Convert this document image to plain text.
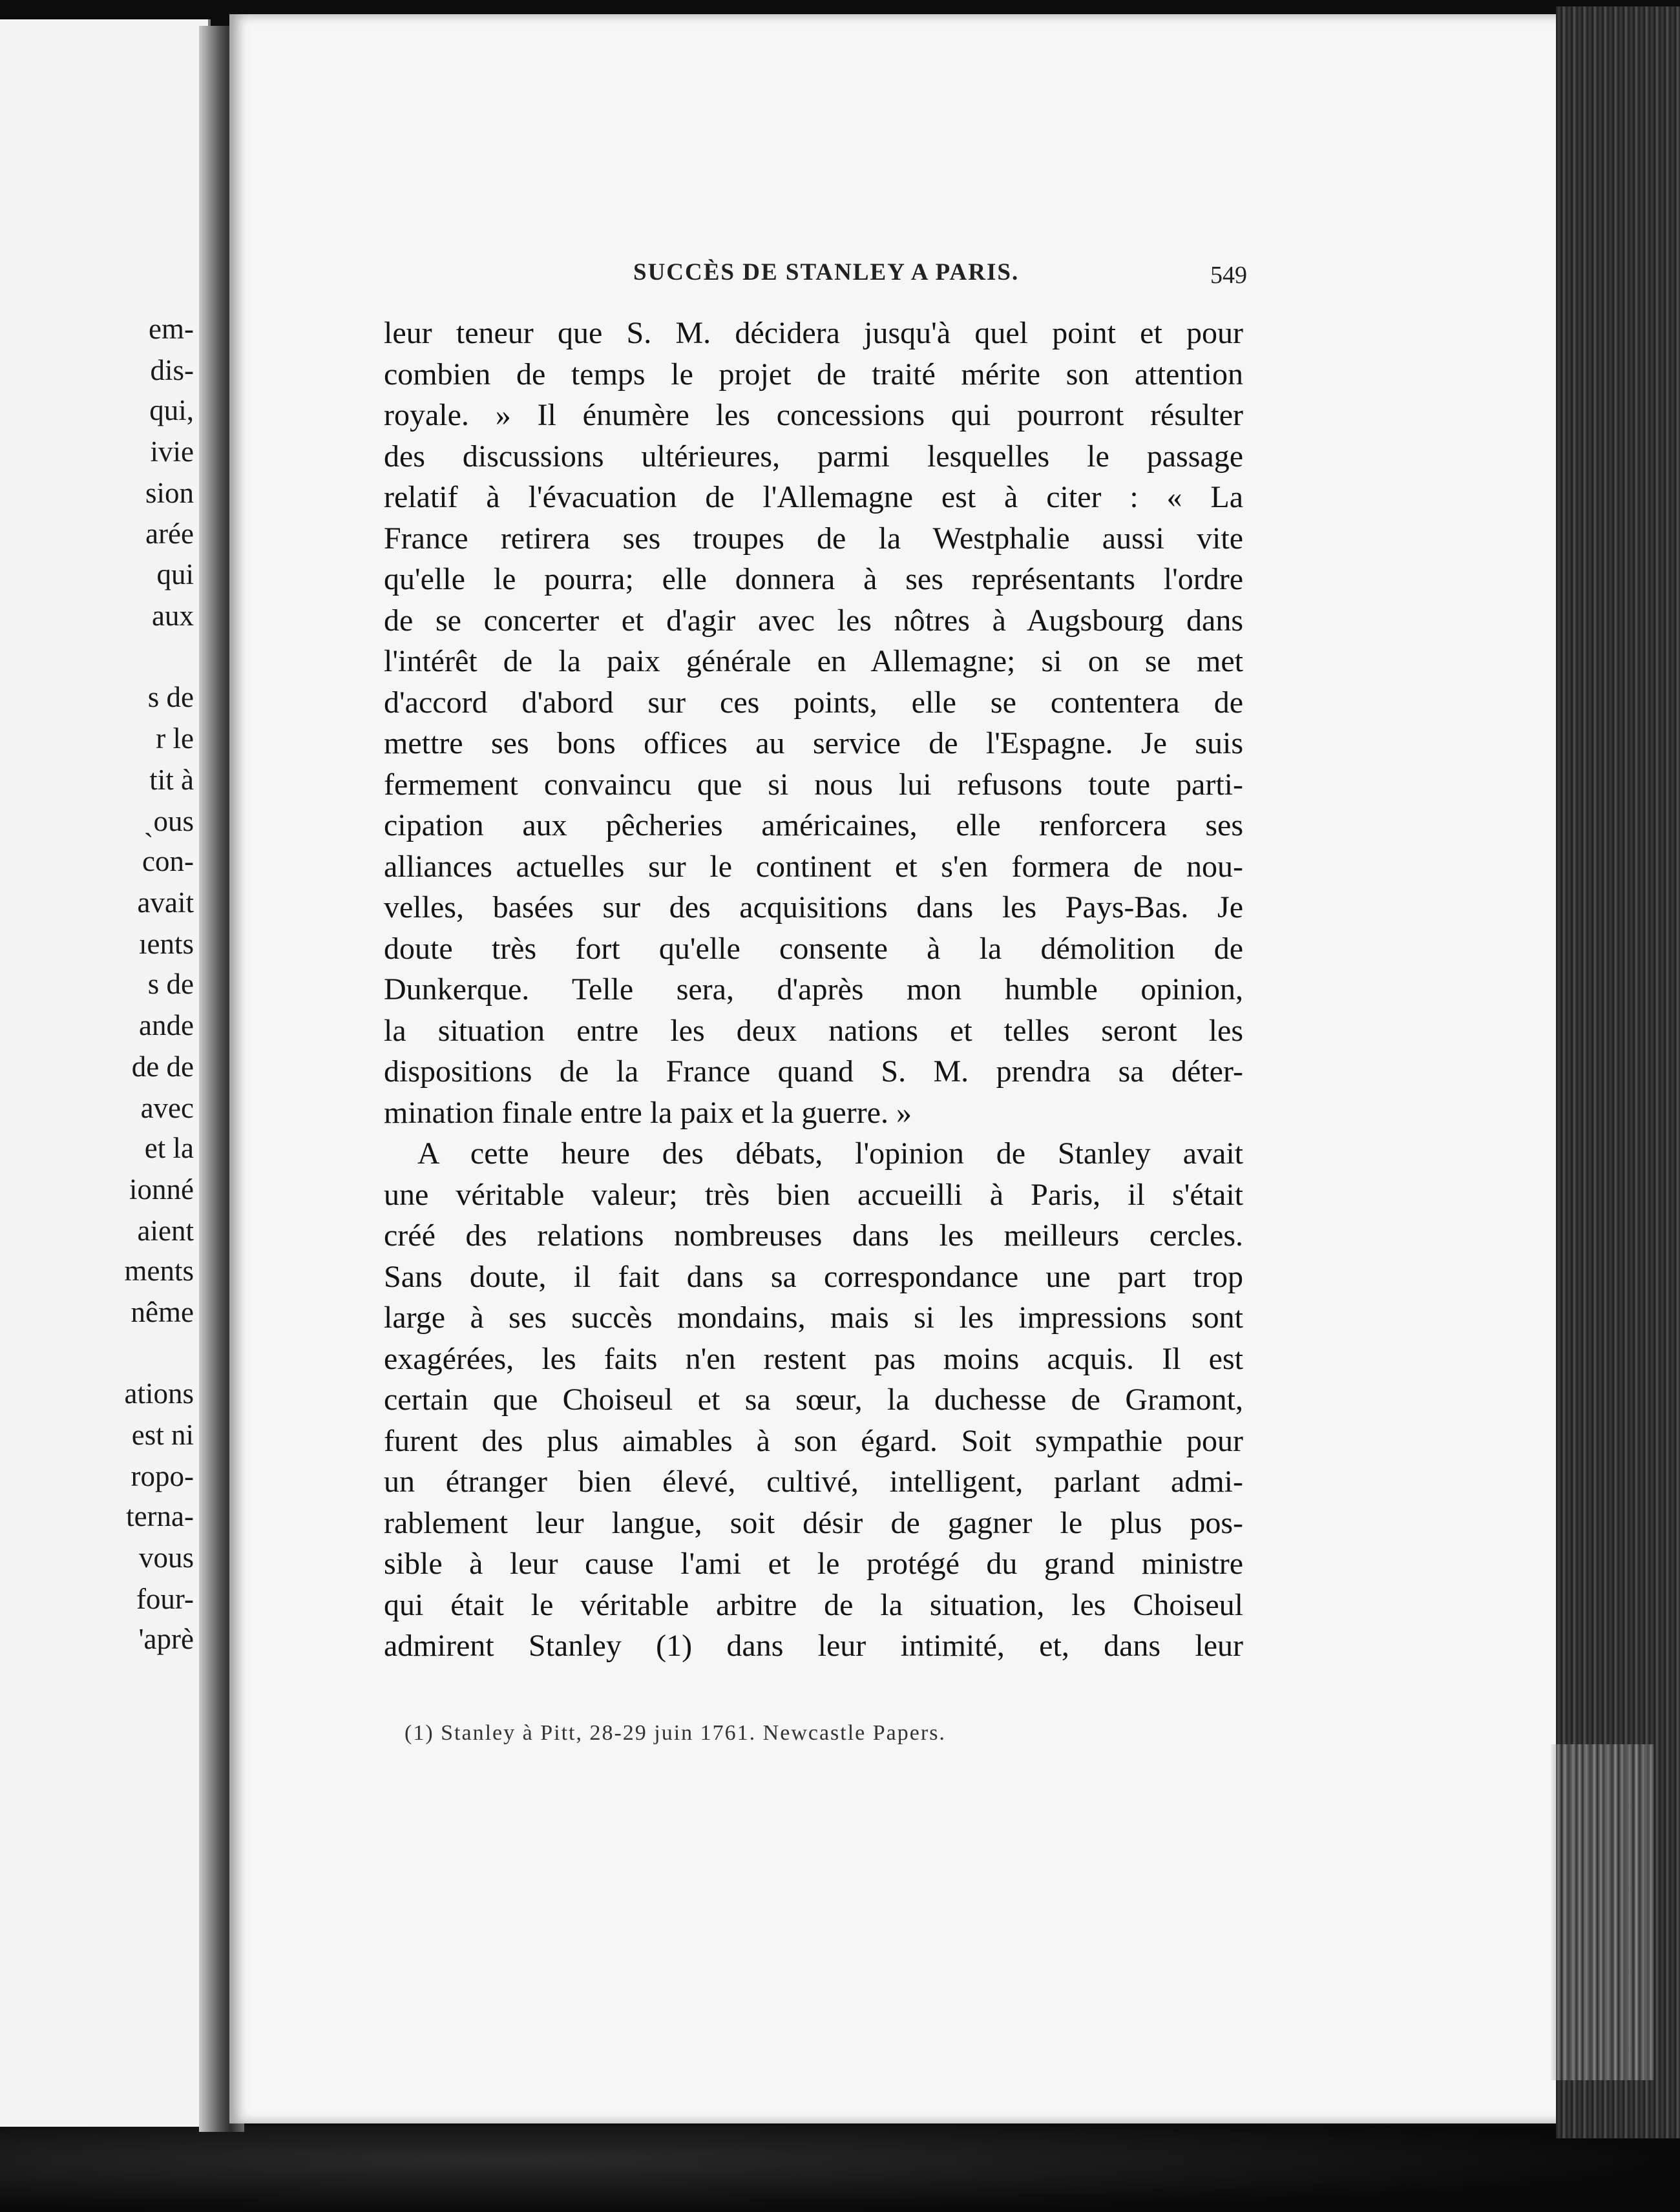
em-

dis-

qui,

ivie

sion

arée

qui

aux

s de

r le

tit à

ˏous

con-

avait

ıents

s de

ande

de de

avec

et la

ionné

aient

ments

nême

ations

est ni

ropo-

terna-

vous

four-

'aprè

SUCCÈS DE STANLEY A PARIS.	549

leur teneur que S. M. décidera jusqu'à quel point et pour

combien de temps le projet de traité mérite son attention

royale. » Il énumère les concessions qui pourront résulter

des discussions ultérieures, parmi lesquelles le passage

relatif à l'évacuation de l'Allemagne est à citer : « La

France retirera ses troupes de la Westphalie aussi vite

qu'elle le pourra; elle donnera à ses représentants l'ordre

de se concerter et d'agir avec les nôtres à Augsbourg dans

l'intérêt de la paix générale en Allemagne; si on se met

d'accord d'abord sur ces points, elle se contentera de

mettre ses bons offices au service de l'Espagne. Je suis

fermement convaincu que si nous lui refusons toute parti-

cipation aux pêcheries américaines, elle renforcera ses

alliances actuelles sur le continent et s'en formera de nou-

velles, basées sur des acquisitions dans les Pays-Bas. Je

doute très fort qu'elle consente à la démolition de

Dunkerque. Telle sera, d'après mon humble opinion,

la situation entre les deux nations et telles seront les

dispositions de la France quand S. M. prendra sa déter-

mination finale entre la paix et la guerre. »

A cette heure des débats, l'opinion de Stanley avait

une véritable valeur; très bien accueilli à Paris, il s'était

créé des relations nombreuses dans les meilleurs cercles.

Sans doute, il fait dans sa correspondance une part trop

large à ses succès mondains, mais si les impressions sont

exagérées, les faits n'en restent pas moins acquis. Il est

certain que Choiseul et sa sœur, la duchesse de Gramont,

furent des plus aimables à son égard. Soit sympathie pour

un étranger bien élevé, cultivé, intelligent, parlant admi-

rablement leur langue, soit désir de gagner le plus pos-

sible à leur cause l'ami et le protégé du grand ministre

qui était le véritable arbitre de la situation, les Choiseul

admirent Stanley (1) dans leur intimité, et, dans leur

(1) Stanley à Pitt, 28-29 juin 1761. Newcastle Papers.
